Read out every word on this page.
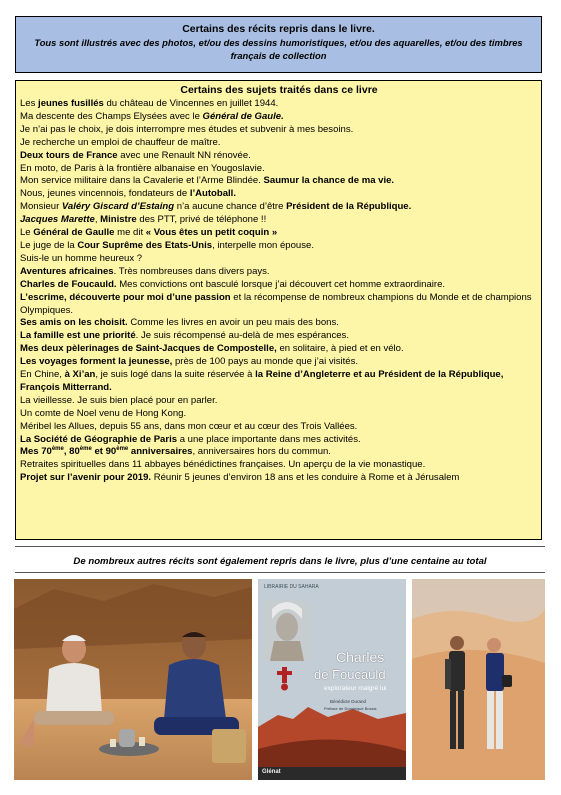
Certains des récits repris dans le livre.
Tous sont illustrés avec des photos, et/ou des dessins humoristiques, et/ou des aquarelles, et/ou des timbres français de collection
Certains des sujets traités dans ce livre
Les jeunes fusillés du château de Vincennes en juillet 1944.
Ma descente des Champs Elysées avec le Général de Gaule.
Je n’ai pas le choix, je dois interrompre mes études et subvenir à mes besoins.
Je recherche un emploi de chauffeur de maître.
Deux tours de France avec une Renault NN rénovée.
En moto, de Paris à la frontière albanaise en Yougoslavie.
Mon service militaire dans la Cavalerie et l’Arme Blindée. Saumur la chance de ma vie.
Nous, jeunes vincennois, fondateurs de l’Autoball.
Monsieur Valéry Giscard d’Estaing n’a aucune chance d’être Président de la République.
Jacques Marette, Ministre des PTT, privé de téléphone !!
Le Général de Gaulle me dit « Vous êtes un petit coquin »
Le juge de la Cour Suprême des Etats-Unis, interpelle mon épouse.
Suis-le un homme heureux ?
Aventures africaines. Très nombreuses dans divers pays.
Charles de Foucauld. Mes convictions ont basculé lorsque j’ai découvert cet homme extraordinaire.
L’escrime, découverte pour moi d’une passion et la récompense de nombreux champions du Monde et de champions Olympiques.
Ses amis on les choisit. Comme les livres en avoir un peu mais des bons.
La famille est une priorité. Je suis récompensé au-delà de mes espérances.
Mes deux pèlerinages de Saint-Jacques de Compostelle, en solitaire, à pied et en vélo.
Les voyages forment la jeunesse, près de 100 pays au monde que j’ai visités.
En Chine, à Xi’an, je suis logé dans la suite réservée à la Reine d’Angleterre et au Président de la République, François Mitterrand.
La vieillesse. Je suis bien placé pour en parler.
Un comte de Noel venu de Hong Kong.
Méribel les Allues, depuis 55 ans, dans mon cœur et au cœur des Trois Vallées.
La Société de Géographie de Paris a une place importante dans mes activités.
Mes 70ème, 80ème et 90ème anniversaires, anniversaires hors du commun.
Retraites spirituelles dans 11 abbayes bénédictines françaises. Un aperçu de la vie monastique.
Projet sur l’avenir pour 2019. Réunir 5 jeunes d’environ 18 ans et les conduire à Rome et à Jérusalem
De nombreux autres récits sont également repris dans le livre, plus d’une centaine au total
LIBRAIRIE DU SAHARA
Charles
de Foucauld
explorateur malgré lui
Bénédicte Durand
Préface de Dominique Bossis
Glénat
